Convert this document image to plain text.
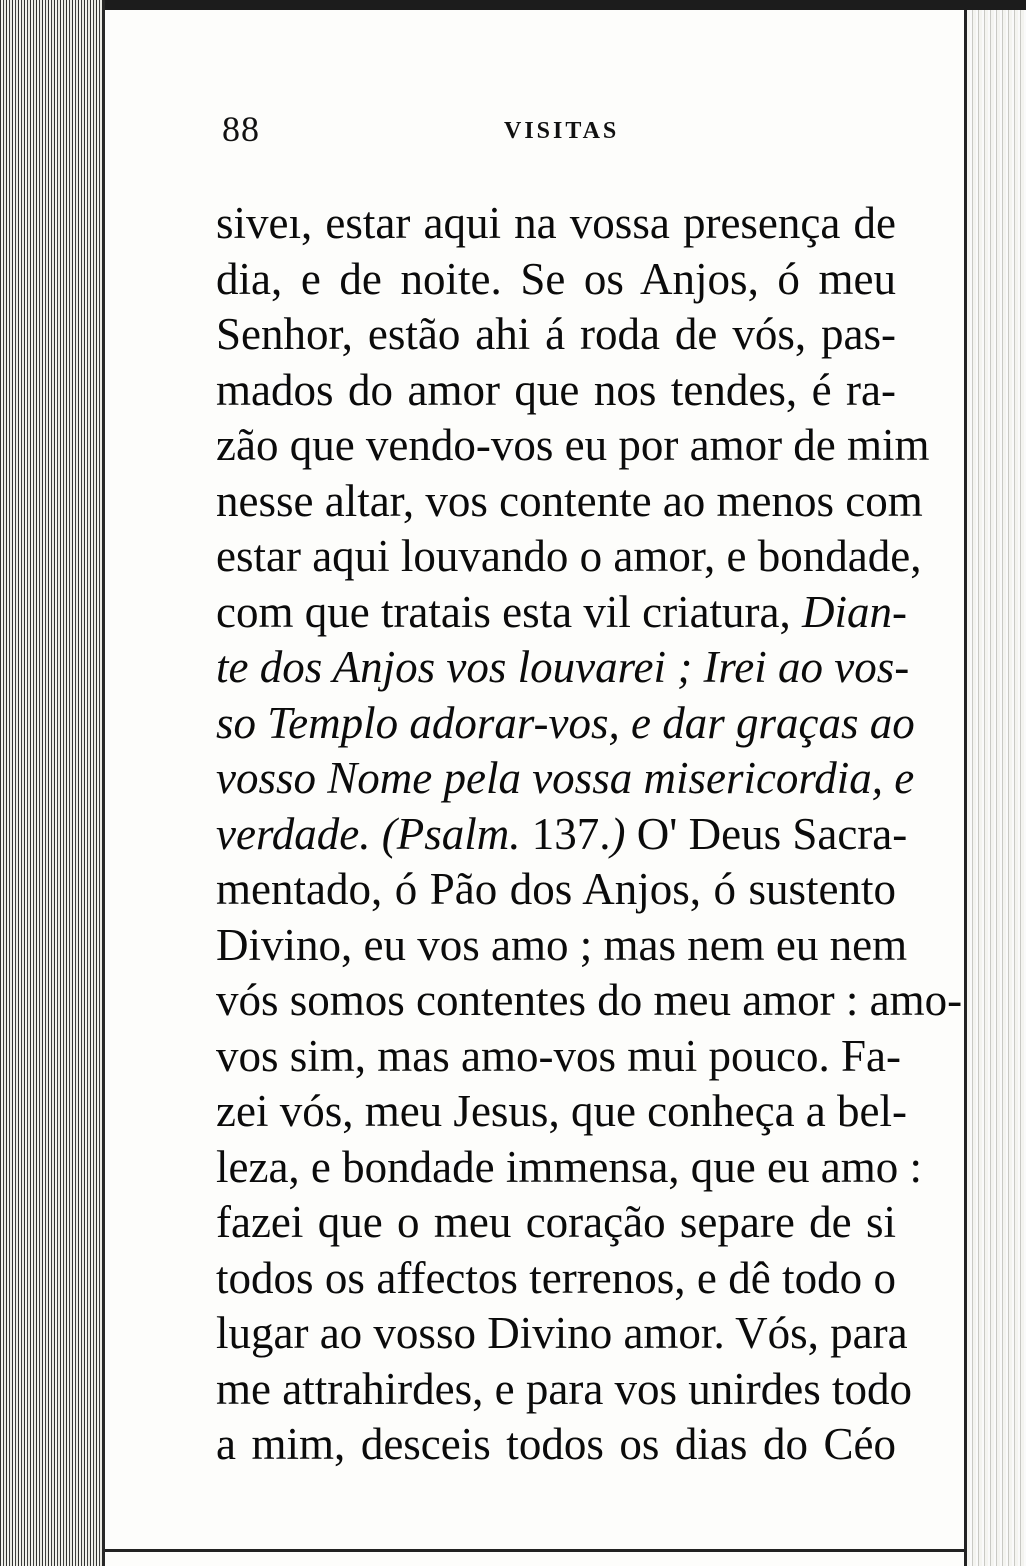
88	VISITAS
siveı, estar aqui na vossa presença de
dia, e de noite. Se os Anjos, ó meu
Senhor, estão ahi á roda de vós, pas-
mados do amor que nos tendes, é ra-
zão que vendo-vos eu por amor de mim
nesse altar, vos contente ao menos com
estar aqui louvando o amor, e bondade,
com que tratais esta vil criatura, Dian-
te dos Anjos vos louvarei ; Irei ao vos-
so Templo adorar-vos, e dar graças ao
vosso Nome pela vossa misericordia, e
verdade. (Psalm. 137.) O' Deus Sacra-
mentado, ó Pão dos Anjos, ó sustento
Divino, eu vos amo ; mas nem eu nem
vós somos contentes do meu amor : amo-
vos sim, mas amo-vos mui pouco. Fa-
zei vós, meu Jesus, que conheça a bel-
leza, e bondade immensa, que eu amo :
fazei que o meu coração separe de si
todos os affectos terrenos, e dê todo o
lugar ao vosso Divino amor. Vós, para
me attrahirdes, e para vos unirdes todo
a mim, desceis todos os dias do Céo
